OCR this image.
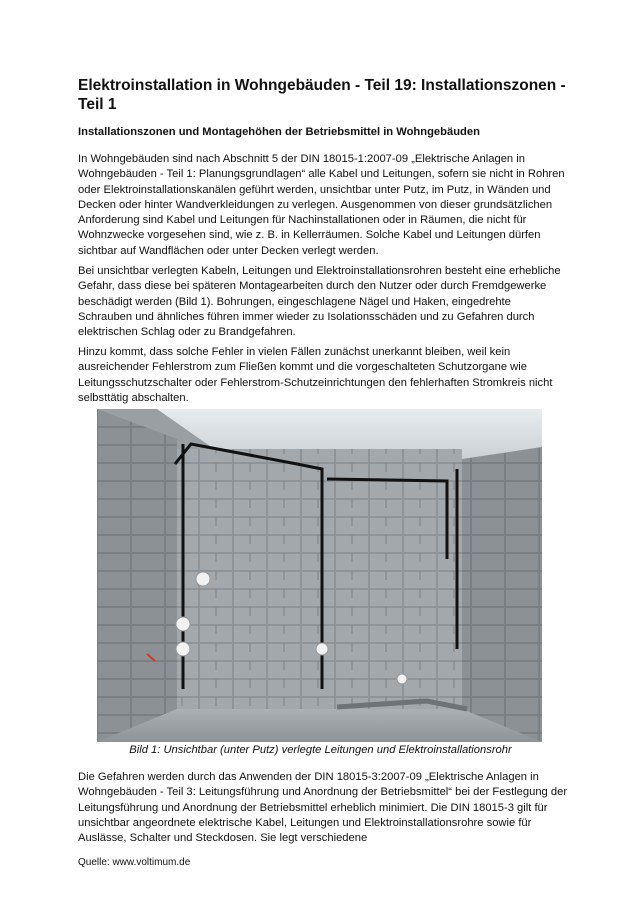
Elektroinstallation in Wohngebäuden - Teil 19: Installationszonen - Teil 1
Installationszonen und Montagehöhen der Betriebsmittel in Wohngebäuden

In Wohngebäuden sind nach Abschnitt 5 der DIN 18015-1:2007-09 „Elektrische Anlagen in Wohngebäuden - Teil 1: Planungsgrundlagen“ alle Kabel und Leitungen, sofern sie nicht in Rohren oder Elektroinstallationskanälen geführt werden, unsichtbar unter Putz, im Putz, in Wänden und Decken oder hinter Wandverkleidungen zu verlegen. Ausgenommen von dieser grundsätzlichen Anforderung sind Kabel und Leitungen für Nachinstallationen oder in Räumen, die nicht für Wohnzwecke vorgesehen sind, wie z. B. in Kellerräumen. Solche Kabel und Leitungen dürfen sichtbar auf Wandflächen oder unter Decken verlegt werden.

Bei unsichtbar verlegten Kabeln, Leitungen und Elektroinstallationsrohren besteht eine erhebliche Gefahr, dass diese bei späteren Montagearbeiten durch den Nutzer oder durch Fremdgewerke beschädigt werden (Bild 1). Bohrungen, eingeschlagene Nägel und Haken, eingedrehte Schrauben und ähnliches führen immer wieder zu Isolationsschäden und zu Gefahren durch elektrischen Schlag oder zu Brandgefahren.

Hinzu kommt, dass solche Fehler in vielen Fällen zunächst unerkannt bleiben, weil kein ausreichender Fehlerstrom zum Fließen kommt und die vorgeschalteten Schutzorgane wie Leitungsschutzschalter oder Fehlerstrom-Schutzeinrichtungen den fehlerhaften Stromkreis nicht selbsttätig abschalten.

Bild 1: Unsichtbar (unter Putz) verlegte Leitungen und Elektroinstallationsrohr

Die Gefahren werden durch das Anwenden der DIN 18015-3:2007-09 „Elektrische Anlagen in Wohngebäuden - Teil 3: Leitungsführung und Anordnung der Betriebsmittel“ bei der Festlegung der Leitungsführung und Anordnung der Betriebsmittel erheblich minimiert. Die DIN 18015-3 gilt für unsichtbar angeordnete elektrische Kabel, Leitungen und Elektroinstallationsrohre sowie für Auslässe, Schalter und Steckdosen. Sie legt verschiedene

Quelle: www.voltimum.de
